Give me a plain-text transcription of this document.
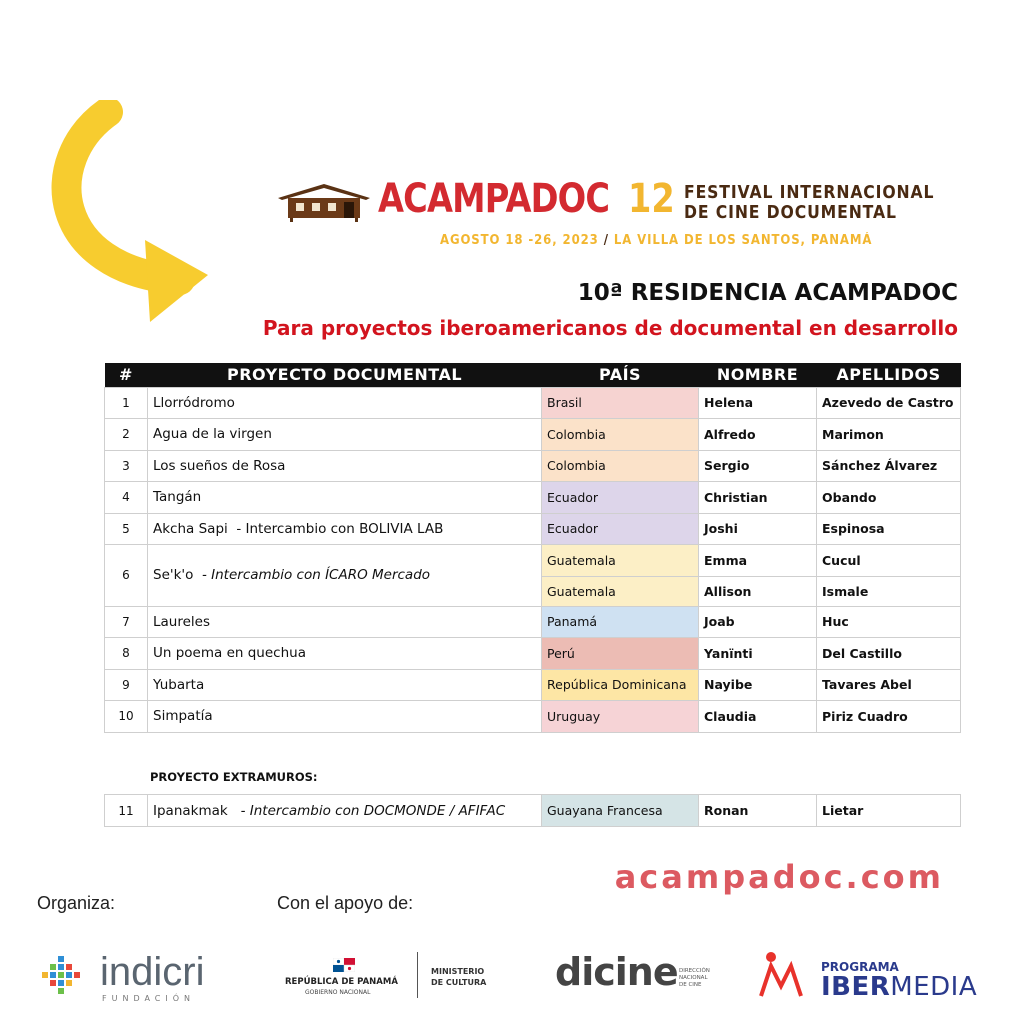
ACAMPADOC 12 FESTIVAL INTERNACIONAL
DE CINE DOCUMENTAL
AGOSTO 18 -26, 2023 / LA VILLA DE LOS SANTOS, PANAMÁ
10ª RESIDENCIA ACAMPADOC
Para proyectos iberoamericanos de documental en desarrollo
#	PROYECTO DOCUMENTAL	PAÍS	NOMBRE	APELLIDOS
1	Llorródromo	Brasil	Helena	Azevedo de Castro
2	Agua de la virgen	Colombia	Alfredo	Marimon
3	Los sueños de Rosa	Colombia	Sergio	Sánchez Álvarez
4	Tangán	Ecuador	Christian	Obando
5	Akcha Sapi - Intercambio con BOLIVIA LAB	Ecuador	Joshi	Espinosa
6	Se'k'o - Intercambio con ÍCARO Mercado	Guatemala	Emma	Cucul
		Guatemala	Allison	Ismale
7	Laureles	Panamá	Joab	Huc
8	Un poema en quechua	Perú	Yanïnti	Del Castillo
9	Yubarta	República Dominicana	Nayibe	Tavares Abel
10	Simpatía	Uruguay	Claudia	Piriz Cuadro
PROYECTO EXTRAMUROS:
11	Ipanakmak - Intercambio con DOCMONDE / AFIFAC	Guayana Francesa	Ronan	Lietar
acampadoc.com
Organiza:	Con el apoyo de:
indicri
FUNDACIÓN
REPÚBLICA DE PANAMÁ
GOBIERNO NACIONAL
MINISTERIO
DE CULTURA dicine DIRECCIÓN
NACIONAL
DE CINE
PROGRAMA
IBERMEDIA
